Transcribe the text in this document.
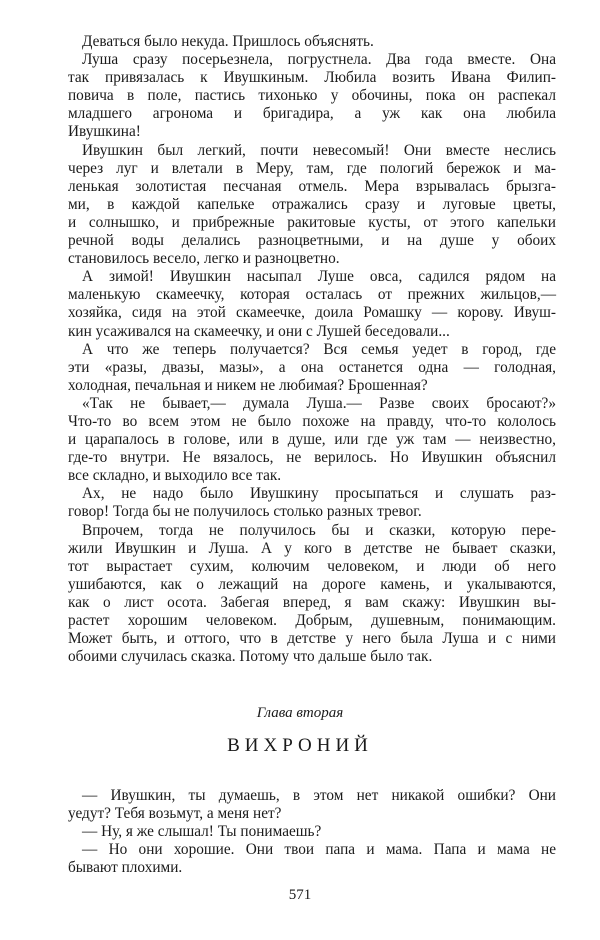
Деваться было некуда. Пришлось объяснять.
Луша сразу посерьезнела, погрустнела. Два года вместе. Она
так привязалась к Ивушкиным. Любила возить Ивана Филип-
повича в поле, пастись тихонько у обочины, пока он распекал
младшего агронома и бригадира, а уж как она любила
Ивушкина!
Ивушкин был легкий, почти невесомый! Они вместе неслись
через луг и влетали в Меру, там, где пологий бережок и ма-
ленькая золотистая песчаная отмель. Мера взрывалась брызга-
ми, в каждой капельке отражались сразу и луговые цветы,
и солнышко, и прибрежные ракитовые кусты, от этого капельки
речной воды делались разноцветными, и на душе у обоих
становилось весело, легко и разноцветно.
А зимой! Ивушкин насыпал Луше овса, садился рядом на
маленькую скамеечку, которая осталась от прежних жильцов,—
хозяйка, сидя на этой скамеечке, доила Ромашку — корову. Ивуш-
кин усаживался на скамеечку, и они с Лушей беседовали...
А что же теперь получается? Вся семья уедет в город, где
эти «разы, двазы, мазы», а она останется одна — голодная,
холодная, печальная и никем не любимая? Брошенная?
«Так не бывает,— думала Луша.— Разве своих бросают?»
Что-то во всем этом не было похоже на правду, что-то кололось
и царапалось в голове, или в душе, или где уж там — неизвестно,
где-то внутри. Не вязалось, не верилось. Но Ивушкин объяснил
все складно, и выходило все так.
Ах, не надо было Ивушкину просыпаться и слушать раз-
говор! Тогда бы не получилось столько разных тревог.
Впрочем, тогда не получилось бы и сказки, которую пере-
жили Ивушкин и Луша. А у кого в детстве не бывает сказки,
тот вырастает сухим, колючим человеком, и люди об него
ушибаются, как о лежащий на дороге камень, и укалываются,
как о лист осота. Забегая вперед, я вам скажу: Ивушкин вы-
растет хорошим человеком. Добрым, душевным, понимающим.
Может быть, и оттого, что в детстве у него была Луша и с ними
обоими случилась сказка. Потому что дальше было так.
Глава вторая
ВИХРОНИЙ
— Ивушкин, ты думаешь, в этом нет никакой ошибки? Они
уедут? Тебя возьмут, а меня нет?
— Ну, я же слышал! Ты понимаешь?
— Но они хорошие. Они твои папа и мама. Папа и мама не
бывают плохими.
571
